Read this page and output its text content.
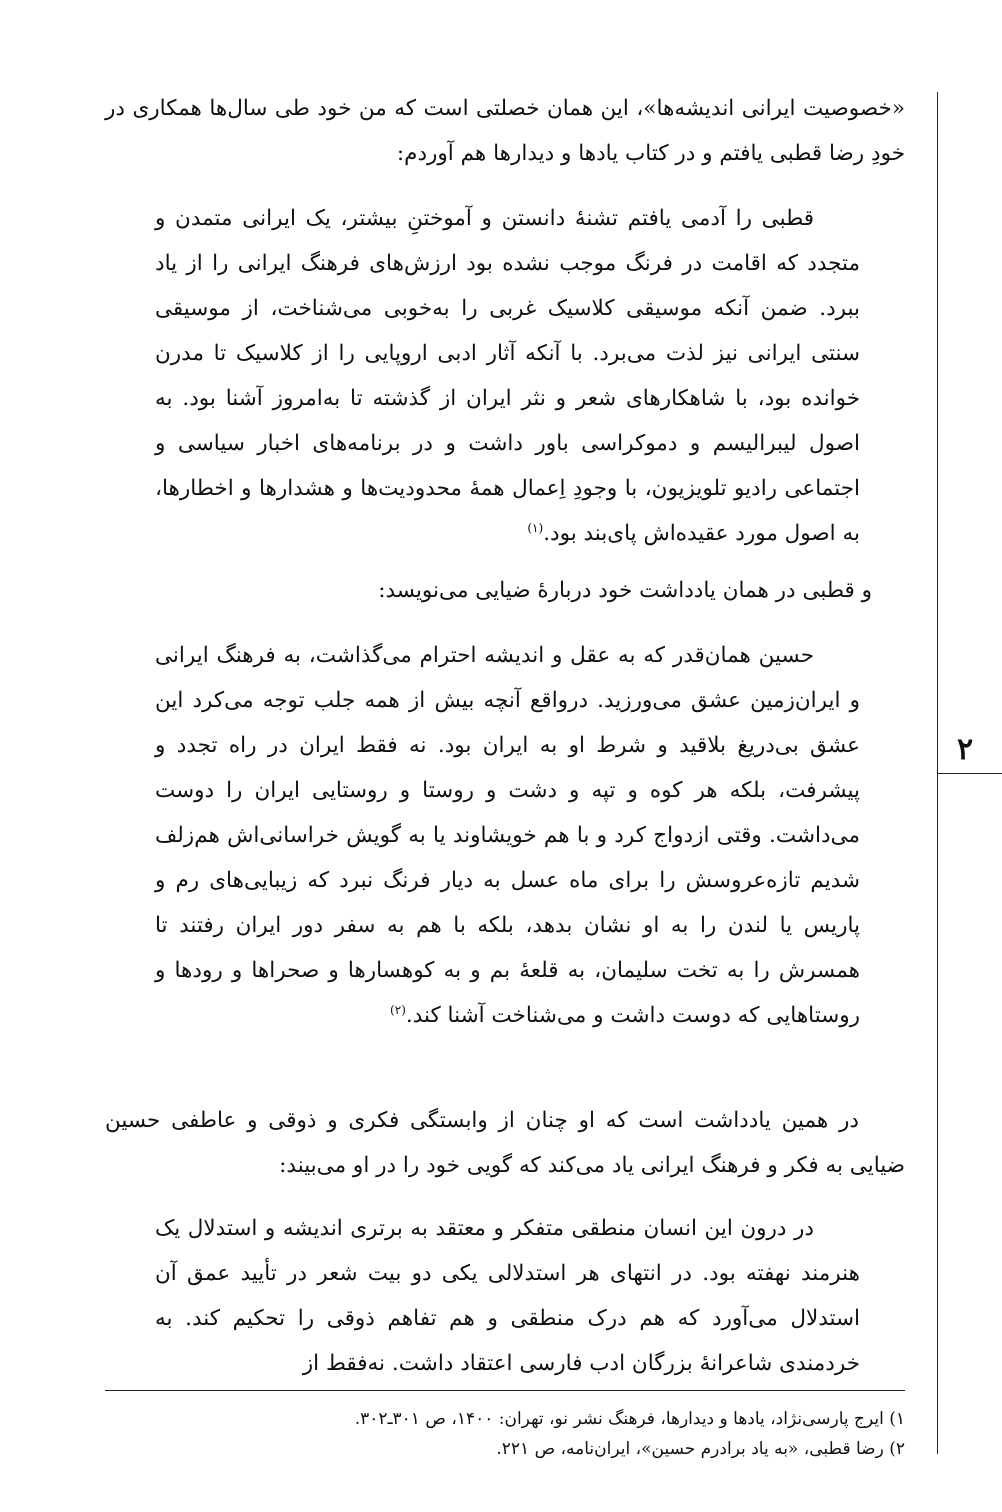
۲

«خصوصیت ایرانی اندیشه‌ها»، این همان خصلتی است که من خود طی سال‌ها همکاری در خودِ رضا قطبی یافتم و در کتاب یادها و دیدارها هم آوردم:

قطبی را آدمی یافتم تشنهٔ دانستن و آموختنِ بیشتر، یک ایرانی متمدن و متجدد که اقامت در فرنگ موجب نشده بود ارزش‌های فرهنگ ایرانی را از یاد ببرد. ضمن آنکه موسیقی کلاسیک غربی را به‌خوبی می‌شناخت، از موسیقی سنتی ایرانی نیز لذت می‌برد. با آنکه آثار ادبی اروپایی را از کلاسیک تا مدرن خوانده بود، با شاهکارهای شعر و نثر ایران از گذشته تا به‌امروز آشنا بود. به اصول لیبرالیسم و دموکراسی باور داشت و در برنامه‌های اخبار سیاسی و اجتماعی رادیو تلویزیون، با وجودِ اِعمال همهٔ محدودیت‌ها و هشدارها و اخطارها، به اصول مورد عقیده‌اش پای‌بند بود.$^{(۱)}$

و قطبی در همان یادداشت خود دربارهٔ ضیایی می‌نویسد:

حسین همان‌قدر که به عقل و اندیشه احترام می‌گذاشت، به فرهنگ ایرانی و ایران‌زمین عشق می‌ورزید. درواقع آنچه بیش از همه جلب توجه می‌کرد این عشق بی‌دریغ بلاقید و شرط او به ایران بود. نه فقط ایران در راه تجدد و پیشرفت، بلکه هر کوه و تپه و دشت و روستا و روستایی ایران را دوست می‌داشت. وقتی ازدواج کرد و با هم خویشاوند یا به گویش خراسانی‌اش هم‌زلف شدیم تازه‌عروسش را برای ماه عسل به دیار فرنگ نبرد که زیبایی‌های رم و پاریس یا لندن را به او نشان بدهد، بلکه با هم به سفر دور ایران رفتند تا همسرش را به تخت سلیمان، به قلعهٔ بم و به کوهسارها و صحراها و رودها و روستاهایی که دوست داشت و می‌شناخت آشنا کند.$^{(۲)}$

در همین یادداشت است که او چنان از وابستگی فکری و ذوقی و عاطفی حسین ضیایی به فکر و فرهنگ ایرانی یاد می‌کند که گویی خود را در او می‌بیند:

در درون این انسان منطقی متفکر و معتقد به برتری اندیشه و استدلال یک هنرمند نهفته بود. در انتهای هر استدلالی یکی دو بیت شعر در تأیید عمق آن استدلال می‌آورد که هم درک منطقی و هم تفاهم ذوقی را تحکیم کند. به خردمندی شاعرانهٔ بزرگان ادب فارسی اعتقاد داشت. نه‌فقط از

۱) ایرج پارسی‌نژاد، یادها و دیدارها، فرهنگ نشر نو، تهران: ۱۴۰۰، ص ۳۰۱ـ۳۰۲.

۲) رضا قطبی، «به یاد برادرم حسین»، ایران‌نامه، ص ۲۲۱.
